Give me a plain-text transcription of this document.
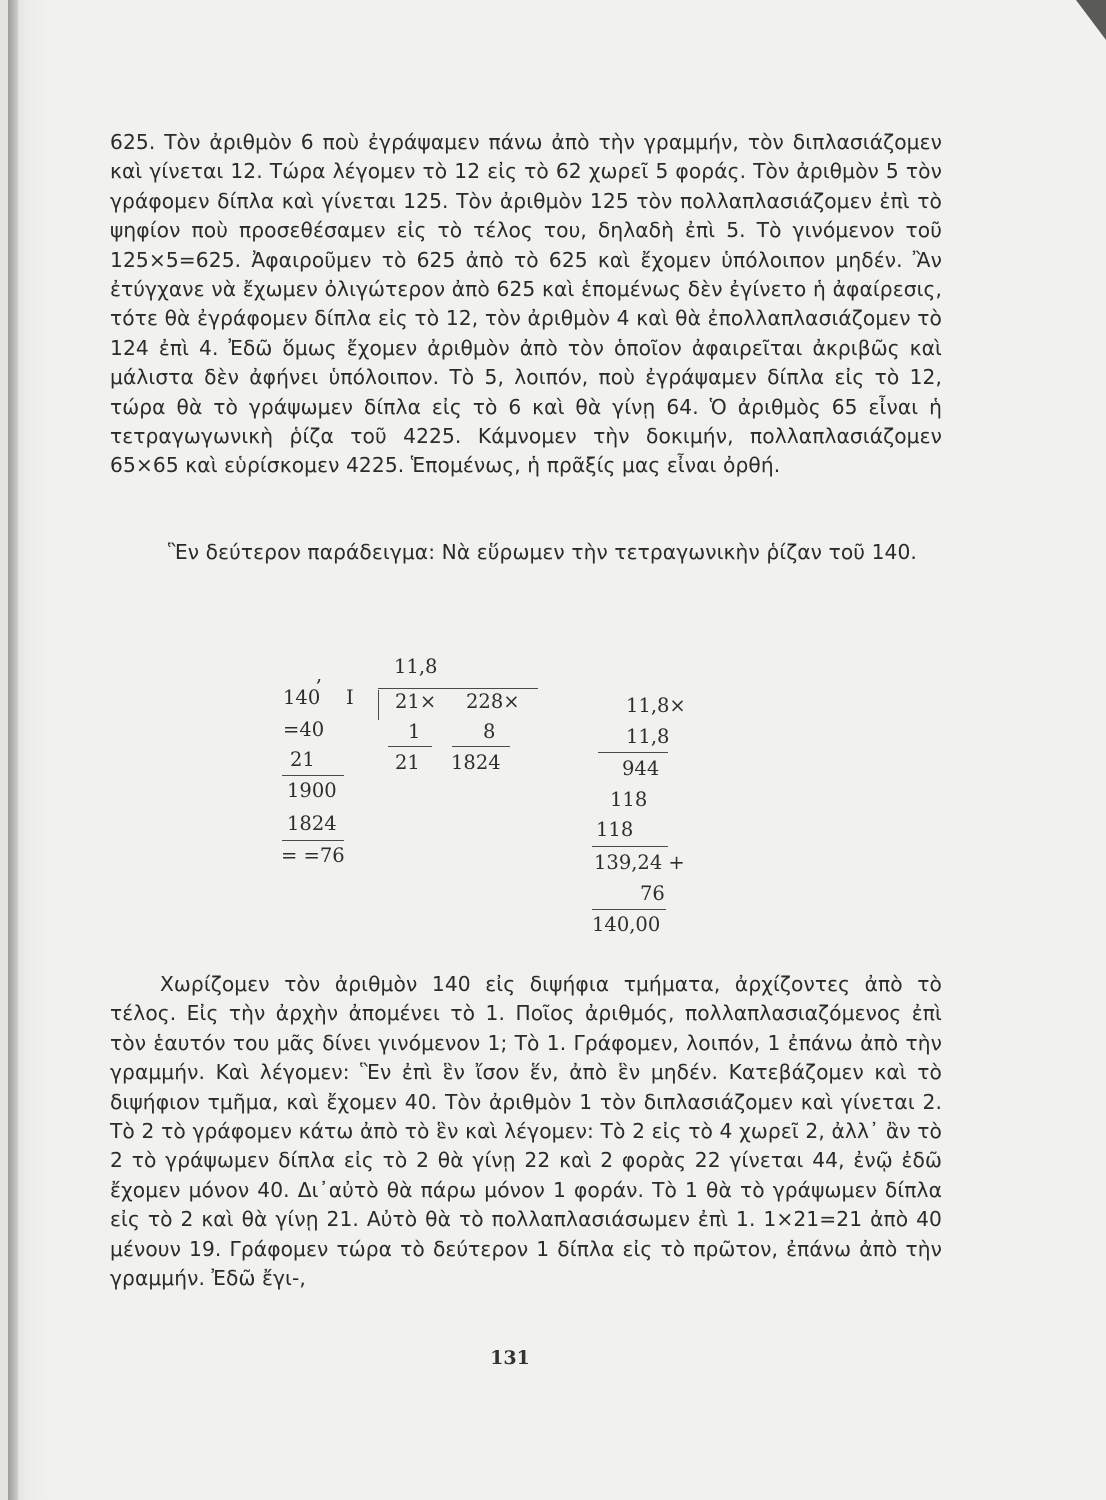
625. Τὸν ἀριθμὸν 6 ποὺ ἐγράψαμεν πάνω ἀπὸ τὴν γραμμήν, τὸν διπλασιάζομεν καὶ γίνεται 12. Τώρα λέγομεν τὸ 12 εἰς τὸ 62 χωρεῖ 5 φοράς. Τὸν ἀριθμὸν 5 τὸν γράφομεν δίπλα καὶ γίνεται 125. Τὸν ἀριθμὸν 125 τὸν πολλαπλασιάζομεν ἐπὶ τὸ ψηφίον ποὺ προσεθέσαμεν εἰς τὸ τέλος του, δηλαδὴ ἐπὶ 5. Τὸ γινόμενον τοῦ 125×5=625. Ἀφαιροῦμεν τὸ 625 ἀπὸ τὸ 625 καὶ ἔχομεν ὑπόλοιπον μηδέν. Ἂν ἐτύγχανε νὰ ἔχωμεν ὀλιγώτερον ἀπὸ 625 καὶ ἑπομένως δὲν ἐγίνετο ἡ ἀφαίρεσις, τότε θὰ ἐγράφομεν δίπλα εἰς τὸ 12, τὸν ἀριθμὸν 4 καὶ θὰ ἐπολλαπλασιάζομεν τὸ 124 ἐπὶ 4. Ἐδῶ ὅμως ἔχομεν ἀριθμὸν ἀπὸ τὸν ὁποῖον ἀφαιρεῖται ἀκριβῶς καὶ μάλιστα δὲν ἀφήνει ὑπόλοιπον. Τὸ 5, λοιπόν, ποὺ ἐγράψαμεν δίπλα εἰς τὸ 12, τώρα θὰ τὸ γράψωμεν δίπλα εἰς τὸ 6 καὶ θὰ γίνῃ 64. Ὁ ἀριθμὸς 65 εἶναι ἡ τετραγωγωνικὴ ῥίζα τοῦ 4225. Κάμνομεν τὴν δοκιμήν, πολλαπλασιάζομεν 65×65 καὶ εὑρίσκομεν 4225. Ἑπομένως, ἡ πρᾶξίς μας εἶναι ὀρθή.

Ἓν δεύτερον παράδειγμα: Νὰ εὕρωμεν τὴν τετραγωνικὴν ῥίζαν τοῦ 140.

11,8
,
140
=40
21
1900
1824
= =76
I 21× 228×
1	8
21 1824
11,8×
11,8
944
118
118
139,24 +
76
140,00

Χωρίζομεν τὸν ἀριθμὸν 140 εἰς διψήφια τμήματα, ἀρχίζοντες ἀπὸ τὸ τέλος. Εἰς τὴν ἀρχὴν ἀπομένει τὸ 1. Ποῖος ἀριθμός, πολλαπλασιαζόμενος ἐπὶ τὸν ἑαυτόν του μᾶς δίνει γινόμενον 1; Τὸ 1. Γράφομεν, λοιπόν, 1 ἐπάνω ἀπὸ τὴν γραμμήν. Καὶ λέγομεν: Ἓν ἐπὶ ἓν ἴσον ἕν, ἀπὸ ἓν μηδέν. Κατεβάζομεν καὶ τὸ διψήφιον τμῆμα, καὶ ἔχομεν 40. Τὸν ἀριθμὸν 1 τὸν διπλασιάζομεν καὶ γίνεται 2. Τὸ 2 τὸ γράφομεν κάτω ἀπὸ τὸ ἓν καὶ λέγομεν: Τὸ 2 εἰς τὸ 4 χωρεῖ 2, ἀλλ᾽ ἂν τὸ 2 τὸ γράψωμεν δίπλα εἰς τὸ 2 θὰ γίνῃ 22 καὶ 2 φορὰς 22 γίνεται 44, ἐνῷ ἐδῶ ἔχομεν μόνον 40. Δι᾽αὐτὸ θὰ πάρω μόνον 1 φοράν. Τὸ 1 θὰ τὸ γράψωμεν δίπλα εἰς τὸ 2 καὶ θὰ γίνῃ 21. Αὐτὸ θὰ τὸ πολλαπλασιάσωμεν ἐπὶ 1. 1×21=21 ἀπὸ 40 μένουν 19. Γράφομεν τώρα τὸ δεύτερον 1 δίπλα εἰς τὸ πρῶτον, ἐπάνω ἀπὸ τὴν γραμμήν. Ἐδῶ ἔγι-,

131
